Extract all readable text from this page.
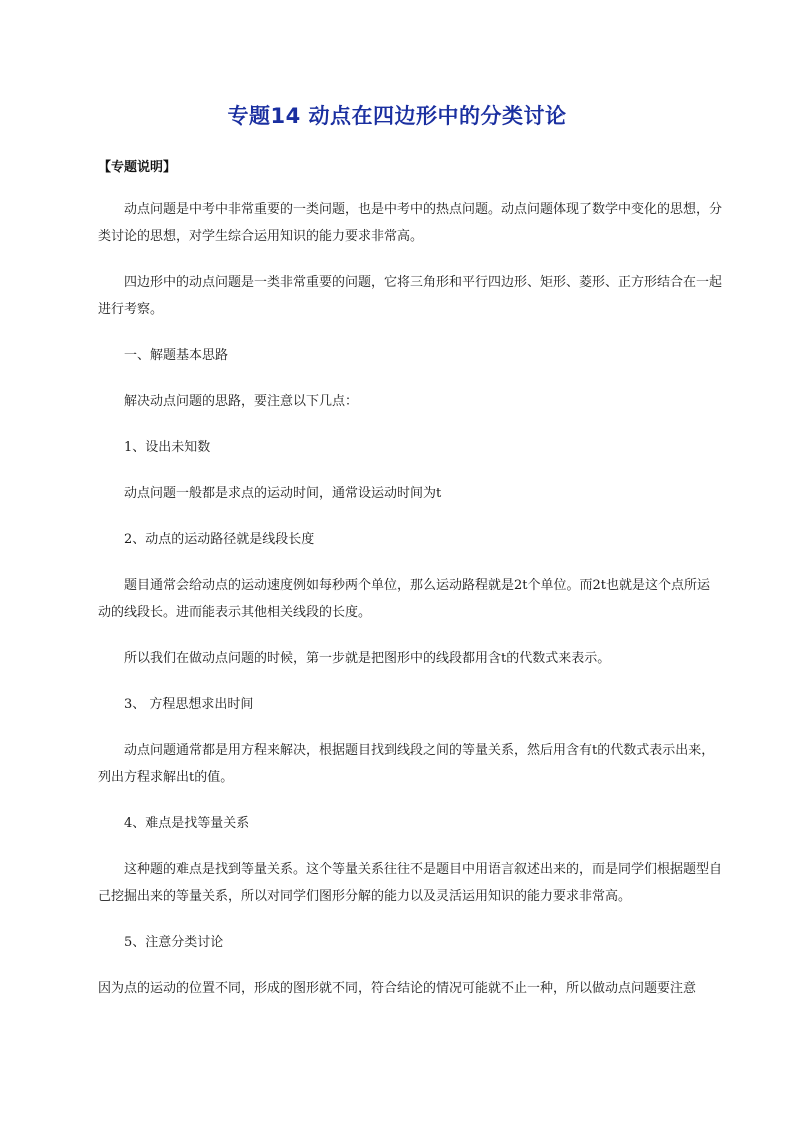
专题14 动点在四边形中的分类讨论
【专题说明】

动点问题是中考中非常重要的一类问题，也是中考中的热点问题。动点问题体现了数学中变化的思想，分类讨论的思想，对学生综合运用知识的能力要求非常高。

四边形中的动点问题是一类非常重要的问题，它将三角形和平行四边形、矩形、菱形、正方形结合在一起进行考察。

一、解题基本思路

解决动点问题的思路，要注意以下几点：

1、设出未知数

动点问题一般都是求点的运动时间，通常设运动时间为t

2、动点的运动路径就是线段长度

题目通常会给动点的运动速度例如每秒两个单位，那么运动路程就是2t个单位。而2t也就是这个点所运动的线段长。进而能表示其他相关线段的长度。

所以我们在做动点问题的时候，第一步就是把图形中的线段都用含t的代数式来表示。

3、 方程思想求出时间

动点问题通常都是用方程来解决，根据题目找到线段之间的等量关系，然后用含有t的代数式表示出来，列出方程求解出t的值。

4、难点是找等量关系

这种题的难点是找到等量关系。这个等量关系往往不是题目中用语言叙述出来的，而是同学们根据题型自己挖掘出来的等量关系，所以对同学们图形分解的能力以及灵活运用知识的能力要求非常高。

5、注意分类讨论

因为点的运动的位置不同，形成的图形就不同，符合结论的情况可能就不止一种，所以做动点问题要注意
